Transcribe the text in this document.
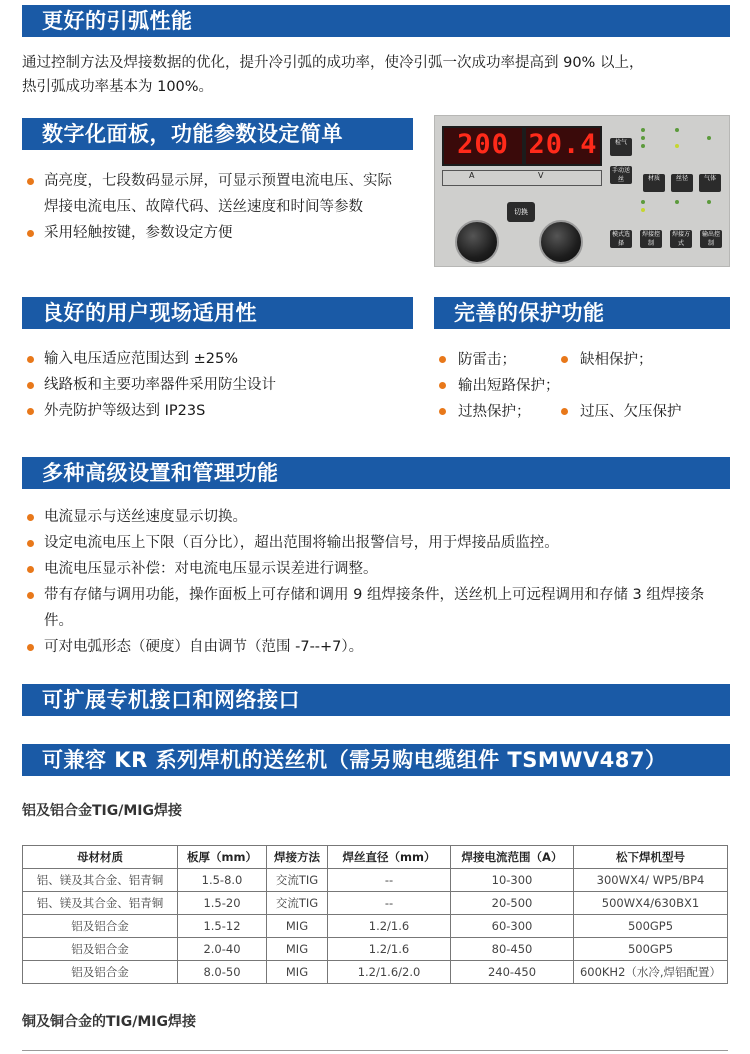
更好的引弧性能
通过控制方法及焊接数据的优化，提升冷引弧的成功率，使冷引弧一次成功率提高到 90% 以上，
热引弧成功率基本为 100%。
数字化面板，功能参数设定简单
高亮度，七段数码显示屏，可显示预置电流电压、实际焊接电流电压、故障代码、送丝速度和时间等参数
采用轻触按键，参数设定方便
200 20.4
A	V
切换
检气
手动送丝	材质	丝径	气体
模式选择
焊接控制
焊接方式
输出控制
良好的用户现场适用性
输入电压适应范围达到 ±25%
线路板和主要功率器件采用防尘设计
外壳防护等级达到 IP23S
完善的保护功能
防雷击；	缺相保护；
输出短路保护；
过热保护；	过压、欠压保护
多种高级设置和管理功能
电流显示与送丝速度显示切换。
设定电流电压上下限（百分比），超出范围将输出报警信号，用于焊接品质监控。
电流电压显示补偿：对电流电压显示误差进行调整。
带有存储与调用功能，操作面板上可存储和调用 9 组焊接条件，送丝机上可远程调用和存储 3 组焊接条件。
可对电弧形态（硬度）自由调节（范围 -7--+7）。
可扩展专机接口和网络接口
可兼容 KR 系列焊机的送丝机（需另购电缆组件 TSMWV487）
铝及铝合金TIG/MIG焊接
母材材质	板厚（mm）	焊接方法	焊丝直径（mm）	焊接电流范围（A）	松下焊机型号
铝、镁及其合金、铝青铜	1.5-8.0	交流TIG	--	10-300	300WX4/ WP5/BP4
铝、镁及其合金、铝青铜	1.5-20	交流TIG	--	20-500	500WX4/630BX1
铝及铝合金	1.5-12	MIG	1.2/1.6	60-300	500GP5
铝及铝合金	2.0-40	MIG	1.2/1.6	80-450	500GP5
铝及铝合金	8.0-50	MIG	1.2/1.6/2.0	240-450	600KH2（水冷,焊铝配置）
铜及铜合金的TIG/MIG焊接
